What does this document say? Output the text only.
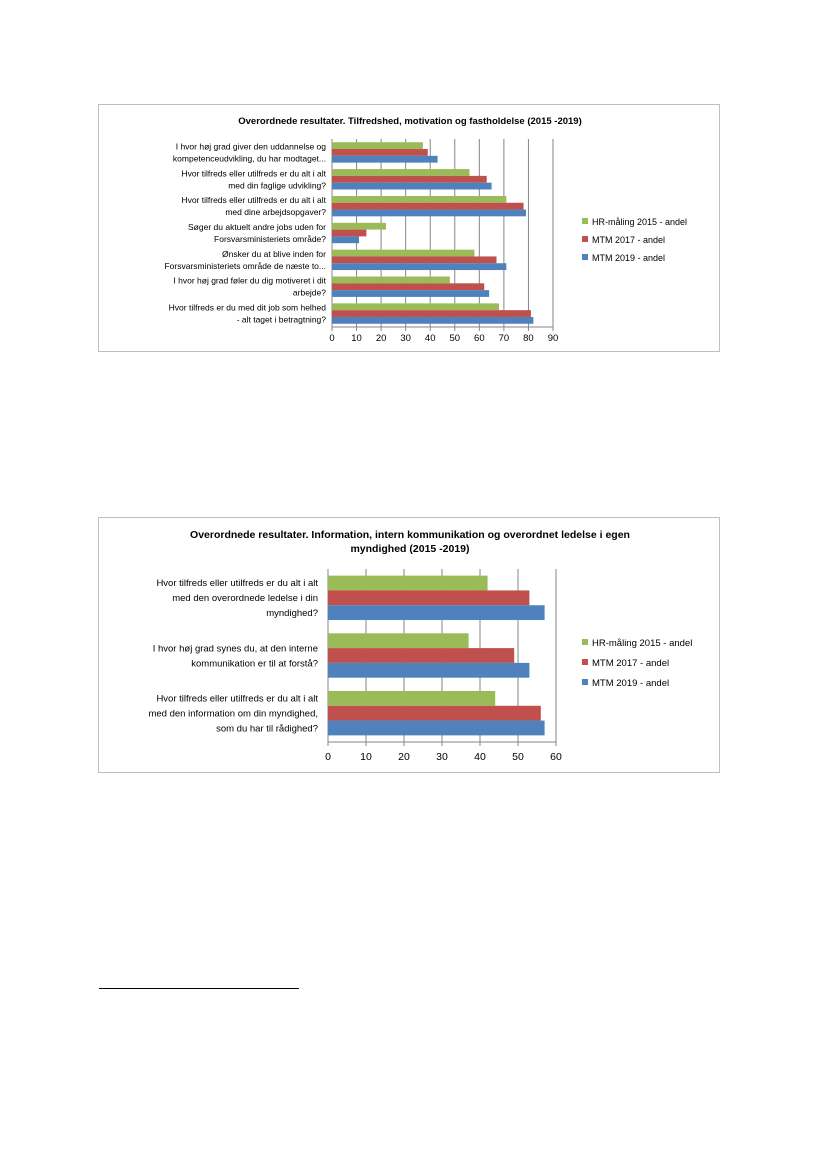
Overordnede resultater. Tilfredshed, motivation og fastholdelse (2015 -2019)
0 10 20 30 40 50 60 70 80 90
I hvor høj grad giver den uddannelse og kompetenceudvikling, du har modtaget...
Hvor tilfreds eller utilfreds er du alt i alt med din faglige udvikling?
Hvor tilfreds eller utilfreds er du alt i alt med dine arbejdsopgaver?
Søger du aktuelt andre jobs uden for Forsvarsministeriets område?
Ønsker du at blive inden for Forsvarsministeriets område de næste to...
I hvor høj grad føler du dig motiveret i dit arbejde?
Hvor tilfreds er du med dit job som helhed - alt taget i betragtning?
HR-måling 2015 - andel
MTM 2017 - andel
MTM 2019 - andel
Overordnede resultater. Information, intern kommunikation og overordnet ledelse i egen
myndighed (2015 -2019)
0	10	20	30	40	50	60
Hvor tilfreds eller utilfreds er du alt i alt med den overordnede ledelse i din myndighed?
I hvor høj grad synes du, at den interne kommunikation er til at forstå?
Hvor tilfreds eller utilfreds er du alt i alt med den information om din myndighed, som du har til rådighed?
HR-måling 2015 - andel
MTM 2017 - andel
MTM 2019 - andel
